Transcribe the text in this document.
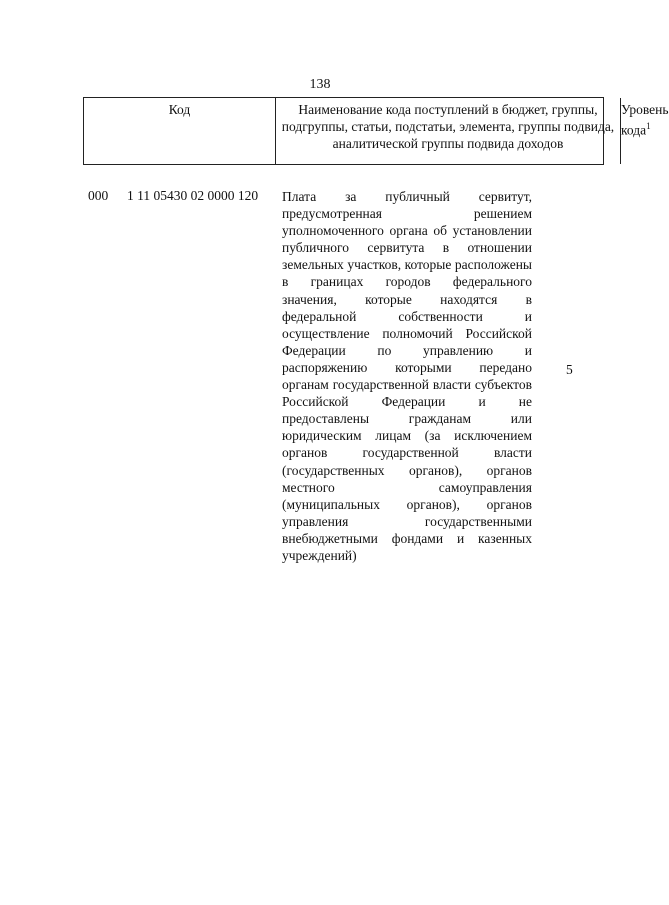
138
Код	Наименование кода поступлений в бюджет, группы, подгруппы, статьи, подстатьи, элемента, группы подвида, аналитической группы подвида доходов
Уровень кода$^1$
000 1 11 05430 02 0000 120 Плата за публичный сервитут, предусмотренная решением уполномоченного органа об установлении публичного сервитута в отношении земельных участков, которые расположены в границах городов федерального значения, которые находятся в федеральной собственности и осуществление полномочий Российской Федерации по управлению и распоряжению которыми передано органам государственной власти субъектов Российской Федерации и не предоставлены гражданам или юридическим лицам (за исключением органов государственной власти (государственных органов), органов местного самоуправления (муниципальных органов), органов управления государственными внебюджетными фондами и казенных учреждений)
5
